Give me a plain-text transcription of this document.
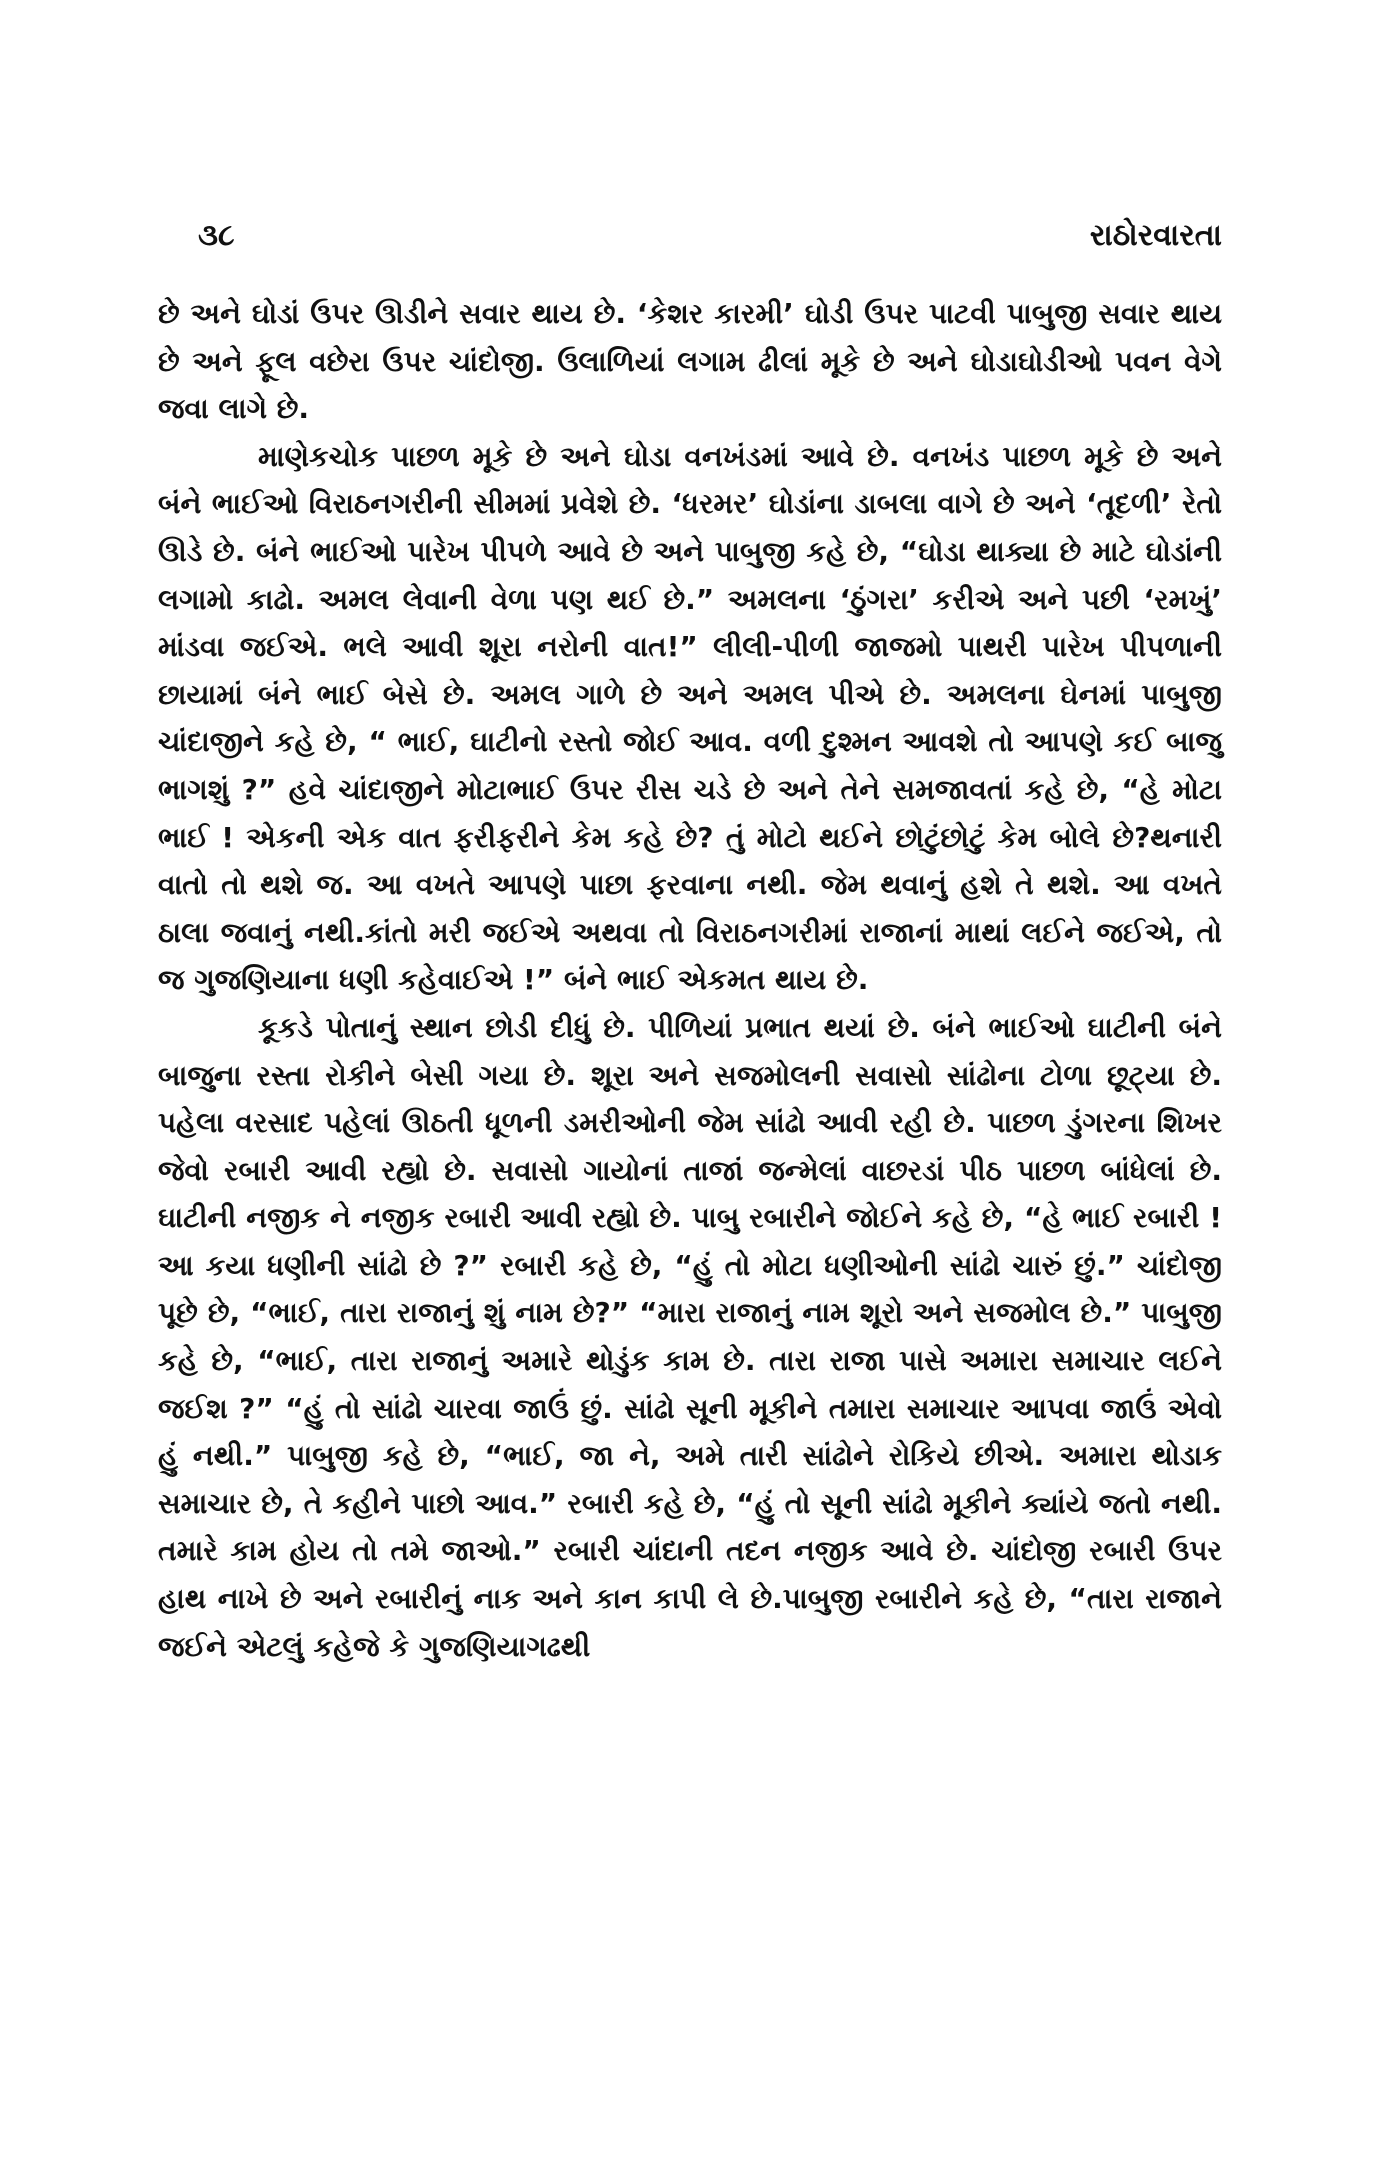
૩૮	રાઠોરવારતા

છે અને ઘોડાં ઉપર ઊડીને સવાર થાય છે. ‘કેશર કારમી’ ઘોડી ઉપર પાટવી પાબુજી સવાર થાય છે અને ફૂલ વછેરા ઉપર ચાંદોજી. ઉલાળિયાં લગામ ઢીલાં મૂકે છે અને ઘોડાઘોડીઓ પવન વેગે જવા લાગે છે.

માણેકચોક પાછળ મૂકે છે અને ઘોડા વનખંડમાં આવે છે. વનખંડ પાછળ મૂકે છે અને બંને ભાઈઓ વિરાઠનગરીની સીમમાં પ્રવેશે છે. ‘ધરમર’ ઘોડાંના ડાબલા વાગે છે અને ‘તૂદળી’ રેતો ઊડે છે. બંને ભાઈઓ પારેખ પીપળે આવે છે અને પાબુજી કહે છે, “ઘોડા થાક્યા છે માટે ઘોડાંની લગામો કાઢો. અમલ લેવાની વેળા પણ થઈ છે.” અમલના ‘ઠુંગરા’ કરીએ અને પછી ‘રમખું’ માંડવા જઈએ. ભલે આવી શૂરા નરોની વાત!” લીલી-પીળી જાજમો પાથરી પારેખ પીપળાની છાયામાં બંને ભાઈ બેસે છે. અમલ ગાળે છે અને અમલ પીએ છે. અમલના ઘેનમાં પાબુજી ચાંદાજીને કહે છે, “ ભાઈ, ઘાટીનો રસ્તો જોઈ આવ. વળી દુશ્મન આવશે તો આપણે કઈ બાજુ ભાગશું ?” હવે ચાંદાજીને મોટાભાઈ ઉપર રીસ ચડે છે અને તેને સમજાવતાં કહે છે, “હે મોટા ભાઈ ! એકની એક વાત ફરીફરીને કેમ કહે છે? તું મોટો થઈને છોટુંછોટું કેમ બોલે છે?થનારી વાતો તો થશે જ. આ વખતે આપણે પાછા ફરવાના નથી. જેમ થવાનું હશે તે થશે. આ વખતે ઠાલા જવાનું નથી.કાંતો મરી જઈએ અથવા તો વિરાઠનગરીમાં રાજાનાં માથાં લઈને જઈએ, તો જ ગુજણિયાના ધણી કહેવાઈએ !” બંને ભાઈ એકમત થાય છે.

કૂકડે પોતાનું સ્થાન છોડી દીધું છે. પીળિયાં પ્રભાત થયાં છે. બંને ભાઈઓ ઘાટીની બંને બાજુના રસ્તા રોકીને બેસી ગયા છે. શૂરા અને સજમોલની સવાસો સાંઢોના ટોળા છૂટ્યા છે. પહેલા વરસાદ પહેલાં ઊઠતી ધૂળની ડમરીઓની જેમ સાંઢો આવી રહી છે. પાછળ ડુંગરના શિખર જેવો રબારી આવી રહ્યો છે. સવાસો ગાયોનાં તાજાં જન્મેલાં વાછરડાં પીઠ પાછળ બાંધેલાં છે. ઘાટીની નજીક ને નજીક રબારી આવી રહ્યો છે. પાબુ રબારીને જોઈને કહે છે, “હે ભાઈ રબારી ! આ કયા ધણીની સાંઢો છે ?” રબારી કહે છે, “હું તો મોટા ધણીઓની સાંઢો ચારું છું.” ચાંદોજી પૂછે છે, “ભાઈ, તારા રાજાનું શું નામ છે?” “મારા રાજાનું નામ શૂરો અને સજમોલ છે.” પાબુજી કહે છે, “ભાઈ, તારા રાજાનું અમારે થોડુંક કામ છે. તારા રાજા પાસે અમારા સમાચાર લઈને જઈશ ?” “હું તો સાંઢો ચારવા જાઉં છું. સાંઢો સૂની મૂકીને તમારા સમાચાર આપવા જાઉં એવો હું નથી.” પાબુજી કહે છે, “ભાઈ, જા ને, અમે તારી સાંઢોને રોકિયે છીએ. અમારા થોડાક સમાચાર છે, તે કહીને પાછો આવ.” રબારી કહે છે, “હું તો સૂની સાંઢો મૂકીને ક્યાંયે જતો નથી. તમારે કામ હોય તો તમે જાઓ.” રબારી ચાંદાની તદન નજીક આવે છે. ચાંદોજી રબારી ઉપર હાથ નાખે છે અને રબારીનું નાક અને કાન કાપી લે છે.પાબુજી રબારીને કહે છે, “તારા રાજાને જઈને એટલું કહેજે કે ગુજણિયાગઢથી
